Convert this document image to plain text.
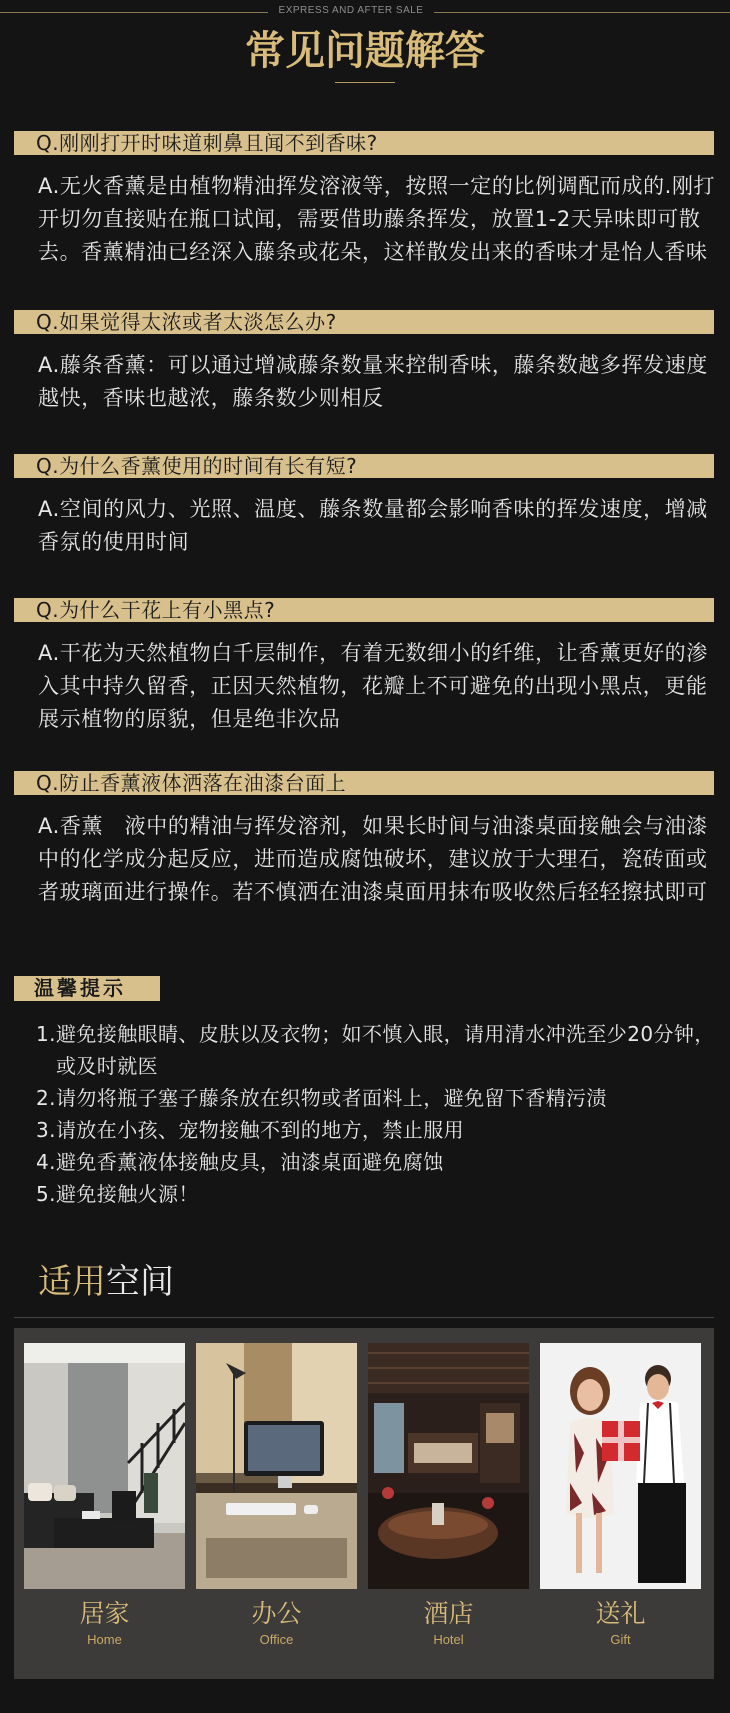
EXPRESS AND AFTER SALE
常见问题解答
Q.刚刚打开时味道刺鼻且闻不到香味?
A.无火香薰是由植物精油挥发溶液等，按照一定的比例调配而成的.刚打开切勿直接贴在瓶口试闻，需要借助藤条挥发，放置1-2天异味即可散去。香薰精油已经深入藤条或花朵，这样散发出来的香味才是怡人香味
Q.如果觉得太浓或者太淡怎么办?
A.藤条香薰：可以通过增减藤条数量来控制香味，藤条数越多挥发速度越快，香味也越浓，藤条数少则相反
Q.为什么香薰使用的时间有长有短?
A.空间的风力、光照、温度、藤条数量都会影响香味的挥发速度，增减香氛的使用时间
Q.为什么干花上有小黑点?
A.干花为天然植物白千层制作，有着无数细小的纤维，让香薰更好的渗入其中持久留香，正因天然植物，花瓣上不可避免的出现小黑点，更能展示植物的原貌，但是绝非次品
Q.防止香薰液体洒落在油漆台面上
A.香薰　液中的精油与挥发溶剂，如果长时间与油漆桌面接触会与油漆中的化学成分起反应，进而造成腐蚀破坏，建议放于大理石，瓷砖面或者玻璃面进行操作。若不慎洒在油漆桌面用抹布吸收然后轻轻擦拭即可
温馨提示
1. 避免接触眼睛、皮肤以及衣物；如不慎入眼，请用清水冲洗至少20分钟，或及时就医
2. 请勿将瓶子塞子藤条放在织物或者面料上，避免留下香精污渍
3. 请放在小孩、宠物接触不到的地方，禁止服用
4. 避免香薰液体接触皮具，油漆桌面避免腐蚀
5. 避免接触火源！
适用空间
居家
Home
办公
Office
酒店
Hotel
送礼
Gift
